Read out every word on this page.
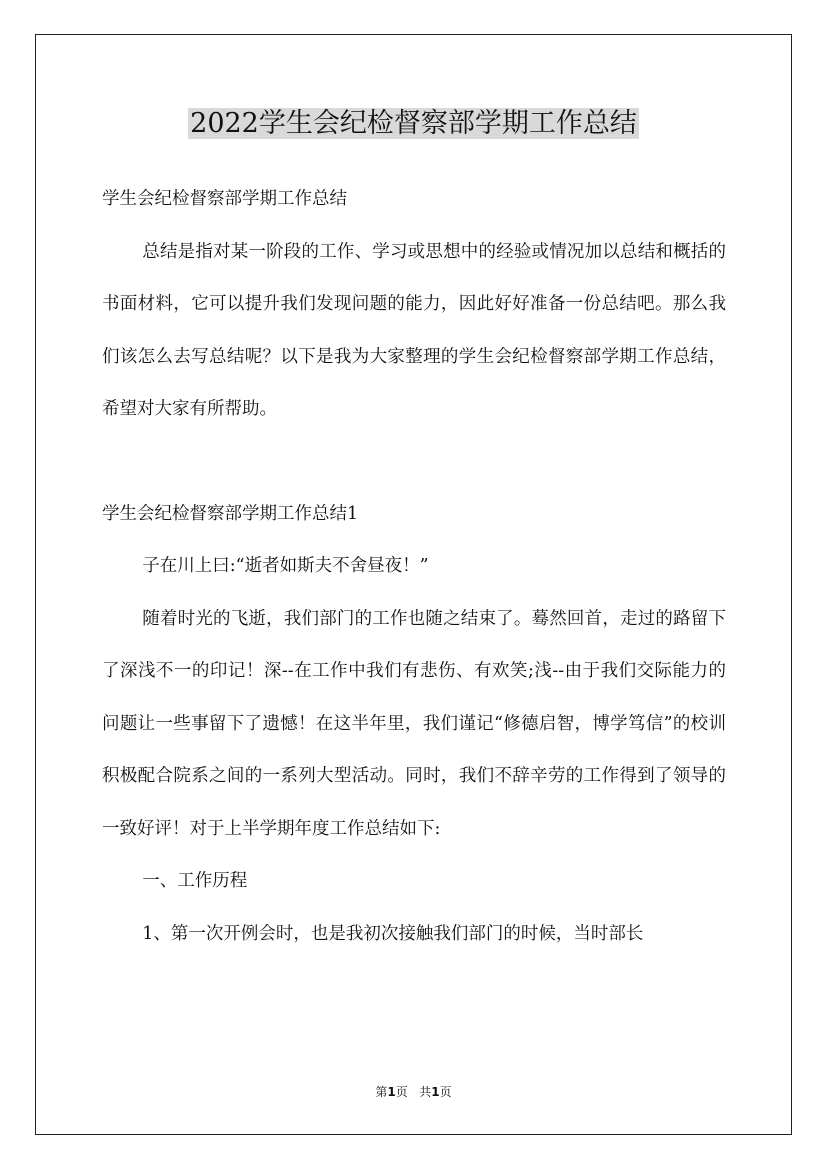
2022学生会纪检督察部学期工作总结

学生会纪检督察部学期工作总结

总结是指对某一阶段的工作、学习或思想中的经验或情况加以总结和概括的书面材料，它可以提升我们发现问题的能力，因此好好准备一份总结吧。那么我们该怎么去写总结呢？以下是我为大家整理的学生会纪检督察部学期工作总结，希望对大家有所帮助。

学生会纪检督察部学期工作总结1

子在川上曰:“逝者如斯夫不舍昼夜！”

随着时光的飞逝，我们部门的工作也随之结束了。蓦然回首，走过的路留下了深浅不一的印记！深--在工作中我们有悲伤、有欢笑;浅--由于我们交际能力的问题让一些事留下了遗憾！在这半年里，我们谨记“修德启智，博学笃信”的校训积极配合院系之间的一系列大型活动。同时，我们不辞辛劳的工作得到了领导的一致好评！对于上半学期年度工作总结如下:

一、工作历程

1、第一次开例会时，也是我初次接触我们部门的时候，当时部长

第1页 共1页
